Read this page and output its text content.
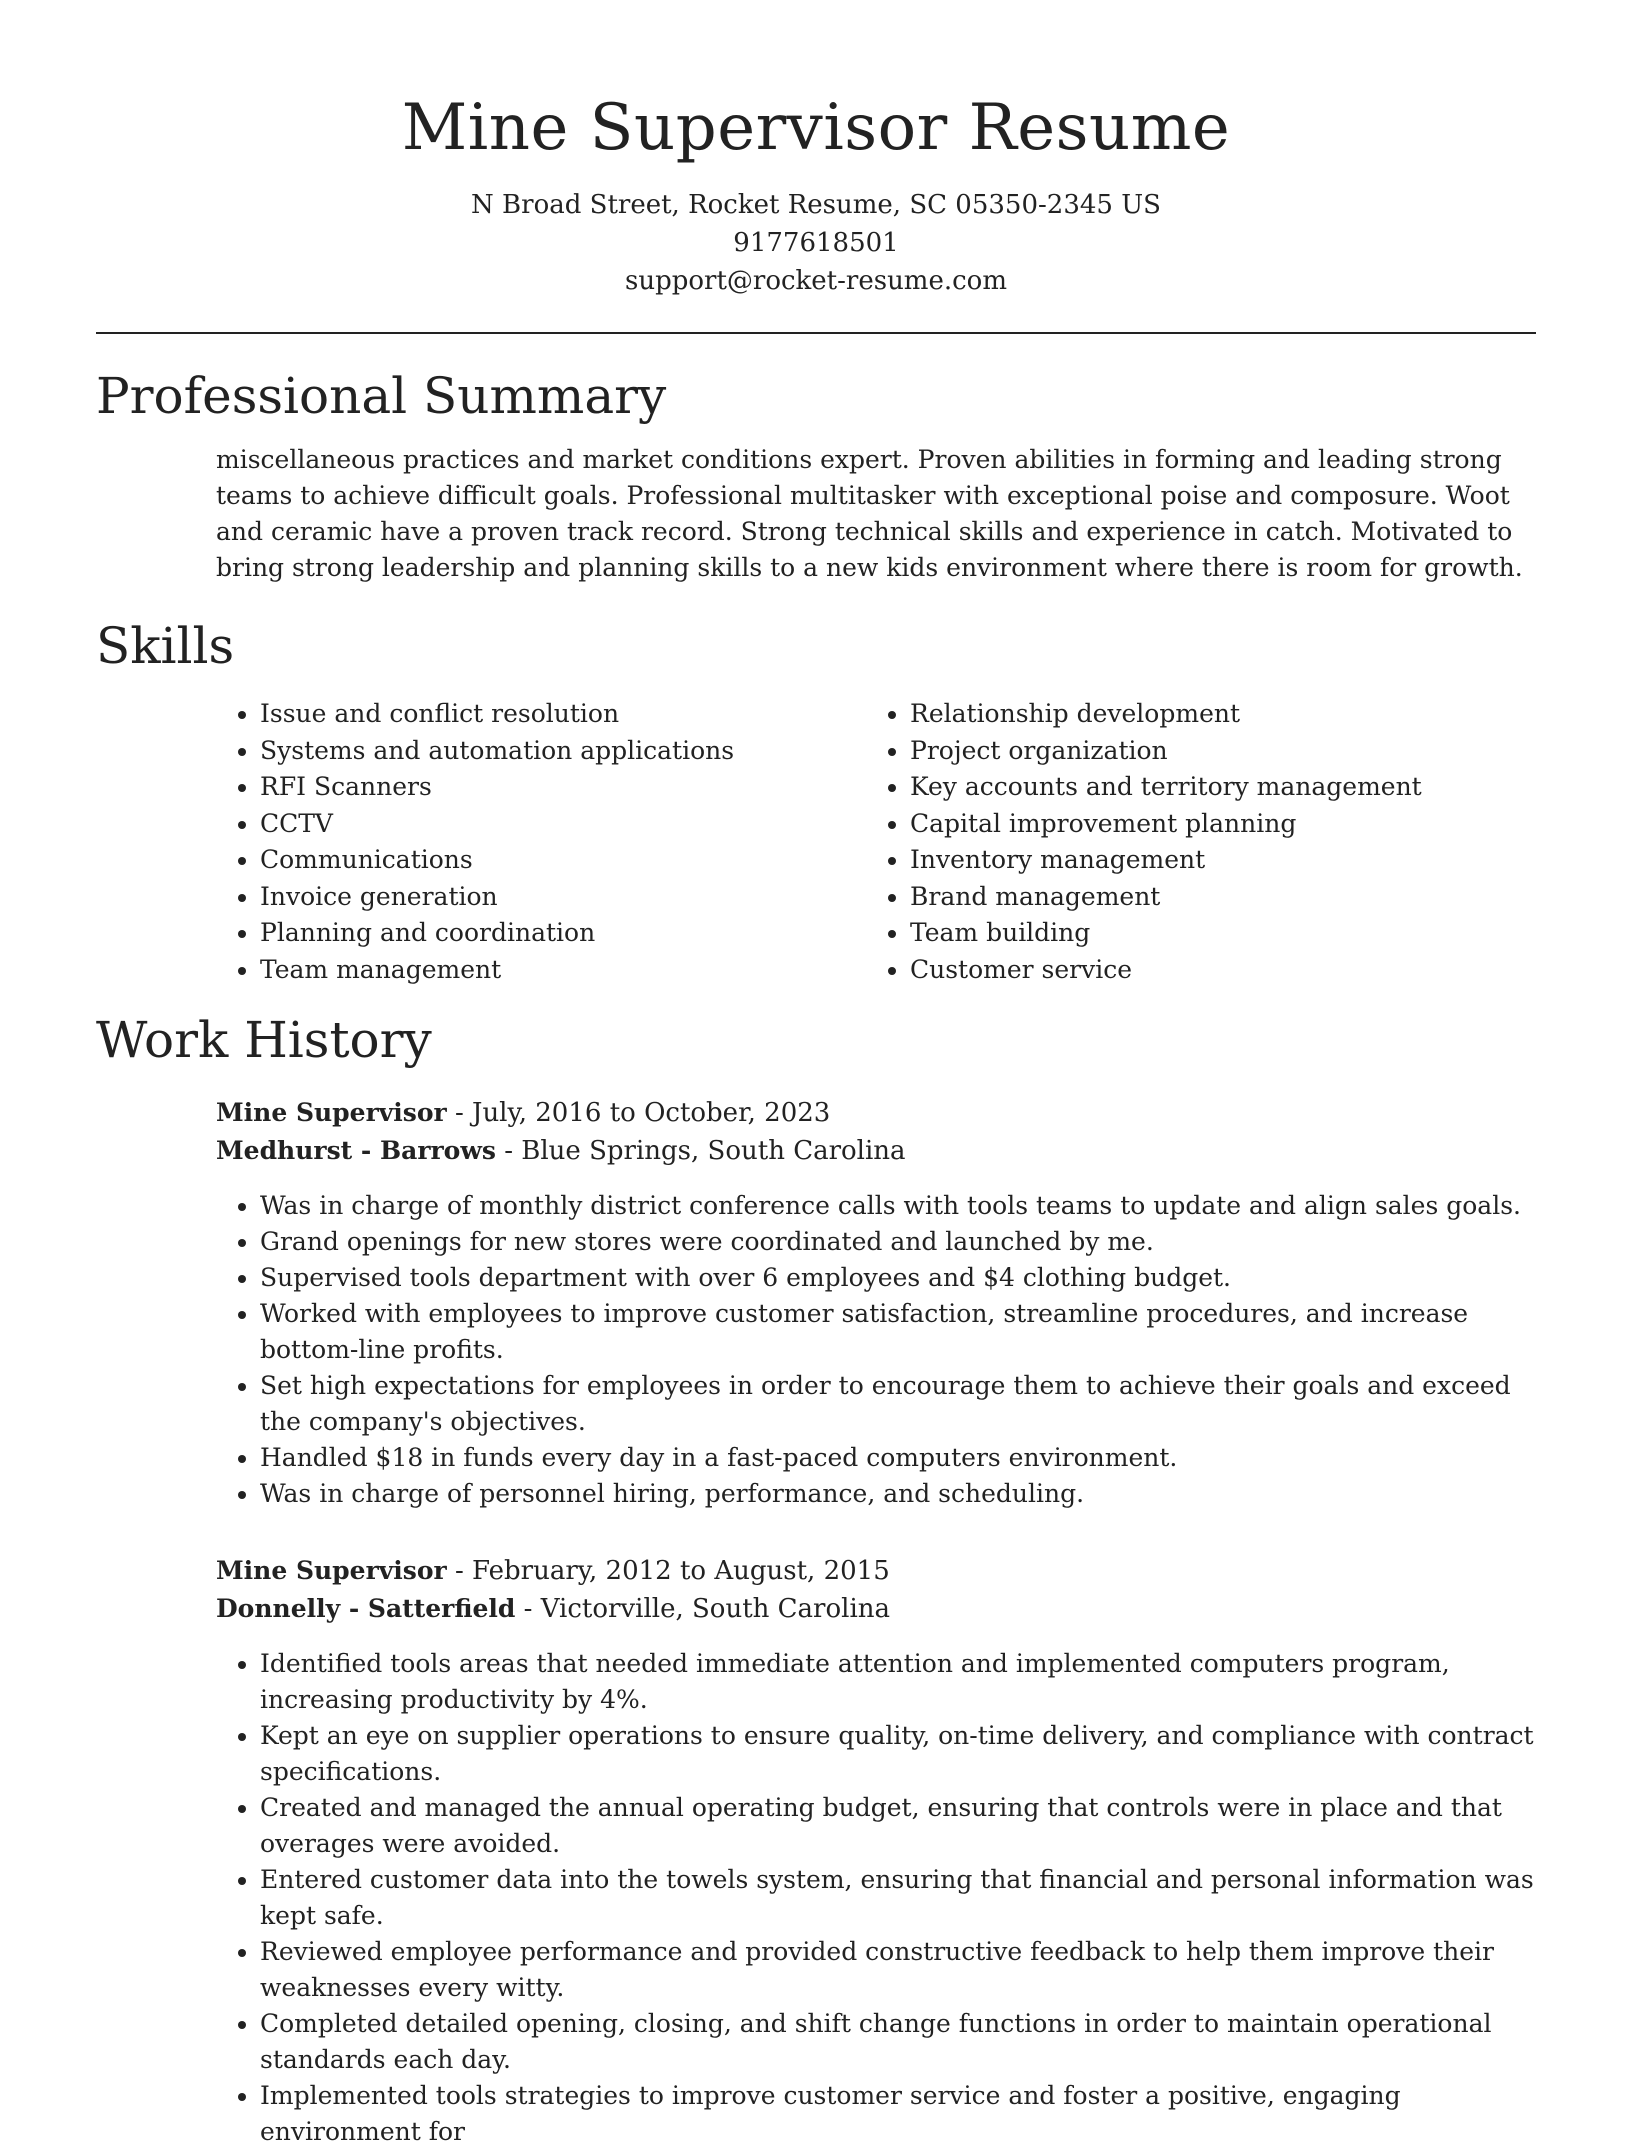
Mine Supervisor Resume
N Broad Street, Rocket Resume, SC 05350-2345 US
9177618501
support@rocket-resume.com
Professional Summary

miscellaneous practices and market conditions expert. Proven abilities in forming and leading strong teams to achieve difficult goals. Professional multitasker with exceptional poise and composure. Woot and ceramic have a proven track record. Strong technical skills and experience in catch. Motivated to bring strong leadership and planning skills to a new kids environment where there is room for growth.

Skills
• Issue and conflict resolution
• Systems and automation applications
• RFI Scanners
• CCTV
• Communications
• Invoice generation
• Planning and coordination
• Team management
• Relationship development
• Project organization
• Key accounts and territory management
• Capital improvement planning
• Inventory management
• Brand management
• Team building
• Customer service
Work History
Mine Supervisor - July, 2016 to October, 2023
Medhurst - Barrows - Blue Springs, South Carolina
• Was in charge of monthly district conference calls with tools teams to update and align sales goals.
• Grand openings for new stores were coordinated and launched by me.
• Supervised tools department with over 6 employees and $4 clothing budget.
• Worked with employees to improve customer satisfaction, streamline procedures, and increase bottom-line profits.
• Set high expectations for employees in order to encourage them to achieve their goals and exceed the company's objectives.
• Handled $18 in funds every day in a fast-paced computers environment.
• Was in charge of personnel hiring, performance, and scheduling.
Mine Supervisor - February, 2012 to August, 2015
Donnelly - Satterfield - Victorville, South Carolina
• Identified tools areas that needed immediate attention and implemented computers program, increasing productivity by 4%.
• Kept an eye on supplier operations to ensure quality, on-time delivery, and compliance with contract specifications.
• Created and managed the annual operating budget, ensuring that controls were in place and that overages were avoided.
• Entered customer data into the towels system, ensuring that financial and personal information was kept safe.
• Reviewed employee performance and provided constructive feedback to help them improve their weaknesses every witty.
• Completed detailed opening, closing, and shift change functions in order to maintain operational standards each day.
• Implemented tools strategies to improve customer service and foster a positive, engaging environment for
